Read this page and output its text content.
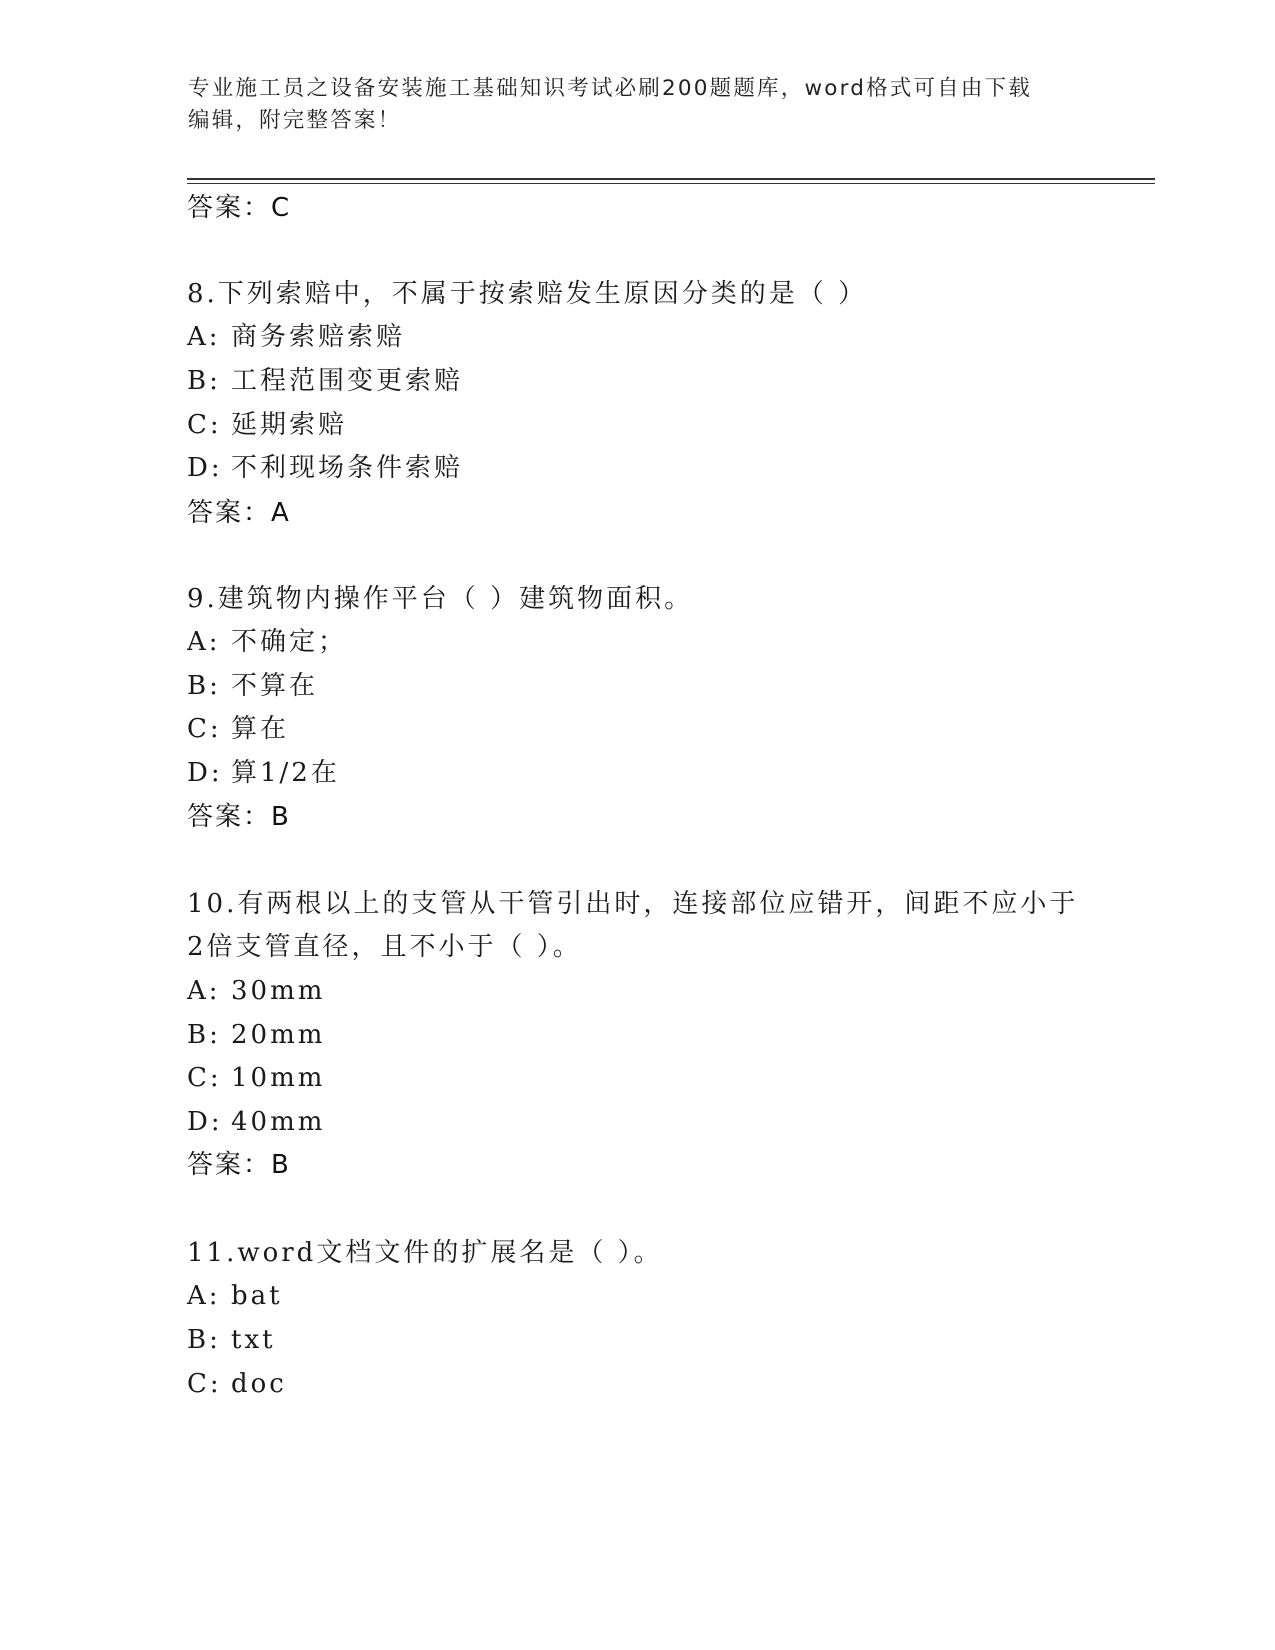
专业施工员之设备安装施工基础知识考试必刷200题题库，word格式可自由下载
编辑，附完整答案！
答案：C
8.下列索赔中，不属于按索赔发生原因分类的是（ ）
A: 商务索赔索赔
B: 工程范围变更索赔
C: 延期索赔
D: 不利现场条件索赔
答案：A
9.建筑物内操作平台（ ）建筑物面积。
A: 不确定；
B: 不算在
C: 算在
D: 算1/2在
答案：B
10.有两根以上的支管从干管引出时，连接部位应错开，间距不应小于
2倍支管直径，且不小于（ ）。
A: 30mm
B: 20mm
C: 10mm
D: 40mm
答案：B
11.word文档文件的扩展名是（ ）。
A: bat
B: txt
C: doc
